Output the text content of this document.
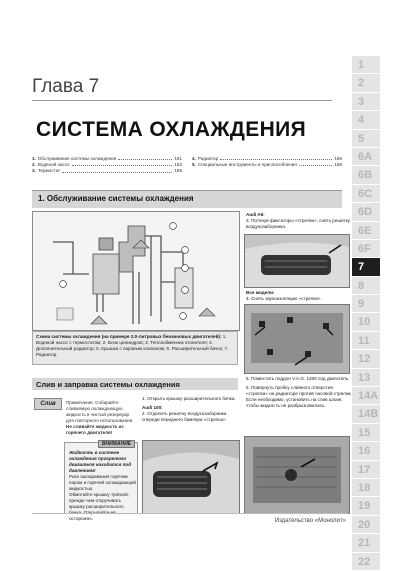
Глава 7
СИСТЕМА ОХЛАЖДЕНИЯ
1. Обслуживание системы охлаждения	181
2. Водяной насос	183
3. Термостат	185
4. Радиатор	186
5. Специальные инструменты и приспособления	188
1. Обслуживание системы охлаждения
Схема системы охлаждения (на примере 2.0-литровых бензиновых двигателей): 1. Водяной насос с термостатом; 2. Блок цилиндров; 3. Теплообменник отопителя; 4. Дополнительный радиатор; 5. Крышка с паровым клапаном; 6. Расширительный бачок; 7. Радиатор.
Слив и заправка системы охлаждения
Слив	Примечание: Собирайте сливаемую охлаждающую жидкость в чистый резервуар для повторного использования. Не сливайте жидкость из горячего двигателя!
ВНИМАНИЕ
Жидкость в системе охлаждения прогретого двигателя находится под давлением!
Риск ошпаривания горячим паром и горячей охлаждающей жидкостью.
Обмотайте крышку тряпкой, прежде чем откручивать крышку расширительного осторожно.
1. Открыть крышку расширительного бачка.
Audi 100:
2. Отделить решетку воздухозаборника спереди переднего бампера «стрелка».
Audi A6:
3. Потянув фиксаторы «стрелки», снять решетку воздухозаборника.
Все модели:
4. Снять звукоизоляцию «стрелки».
5. Поместить поддон V.A.G. 1306 под двигатель.
6. Повернуть пробку сливного отверстия «стрелка» на радиаторе против часовой стрелки. Если необходимо, установить на слив шланг, чтобы жидкость не разбрызгивалась.
1
2
3
4
5
6A
6B
6C
6D
6E
6F
7
8
9
10
11
12
13
14A
14B
15
16
17
18
19
20
21
22
Издательство «Монолит»
